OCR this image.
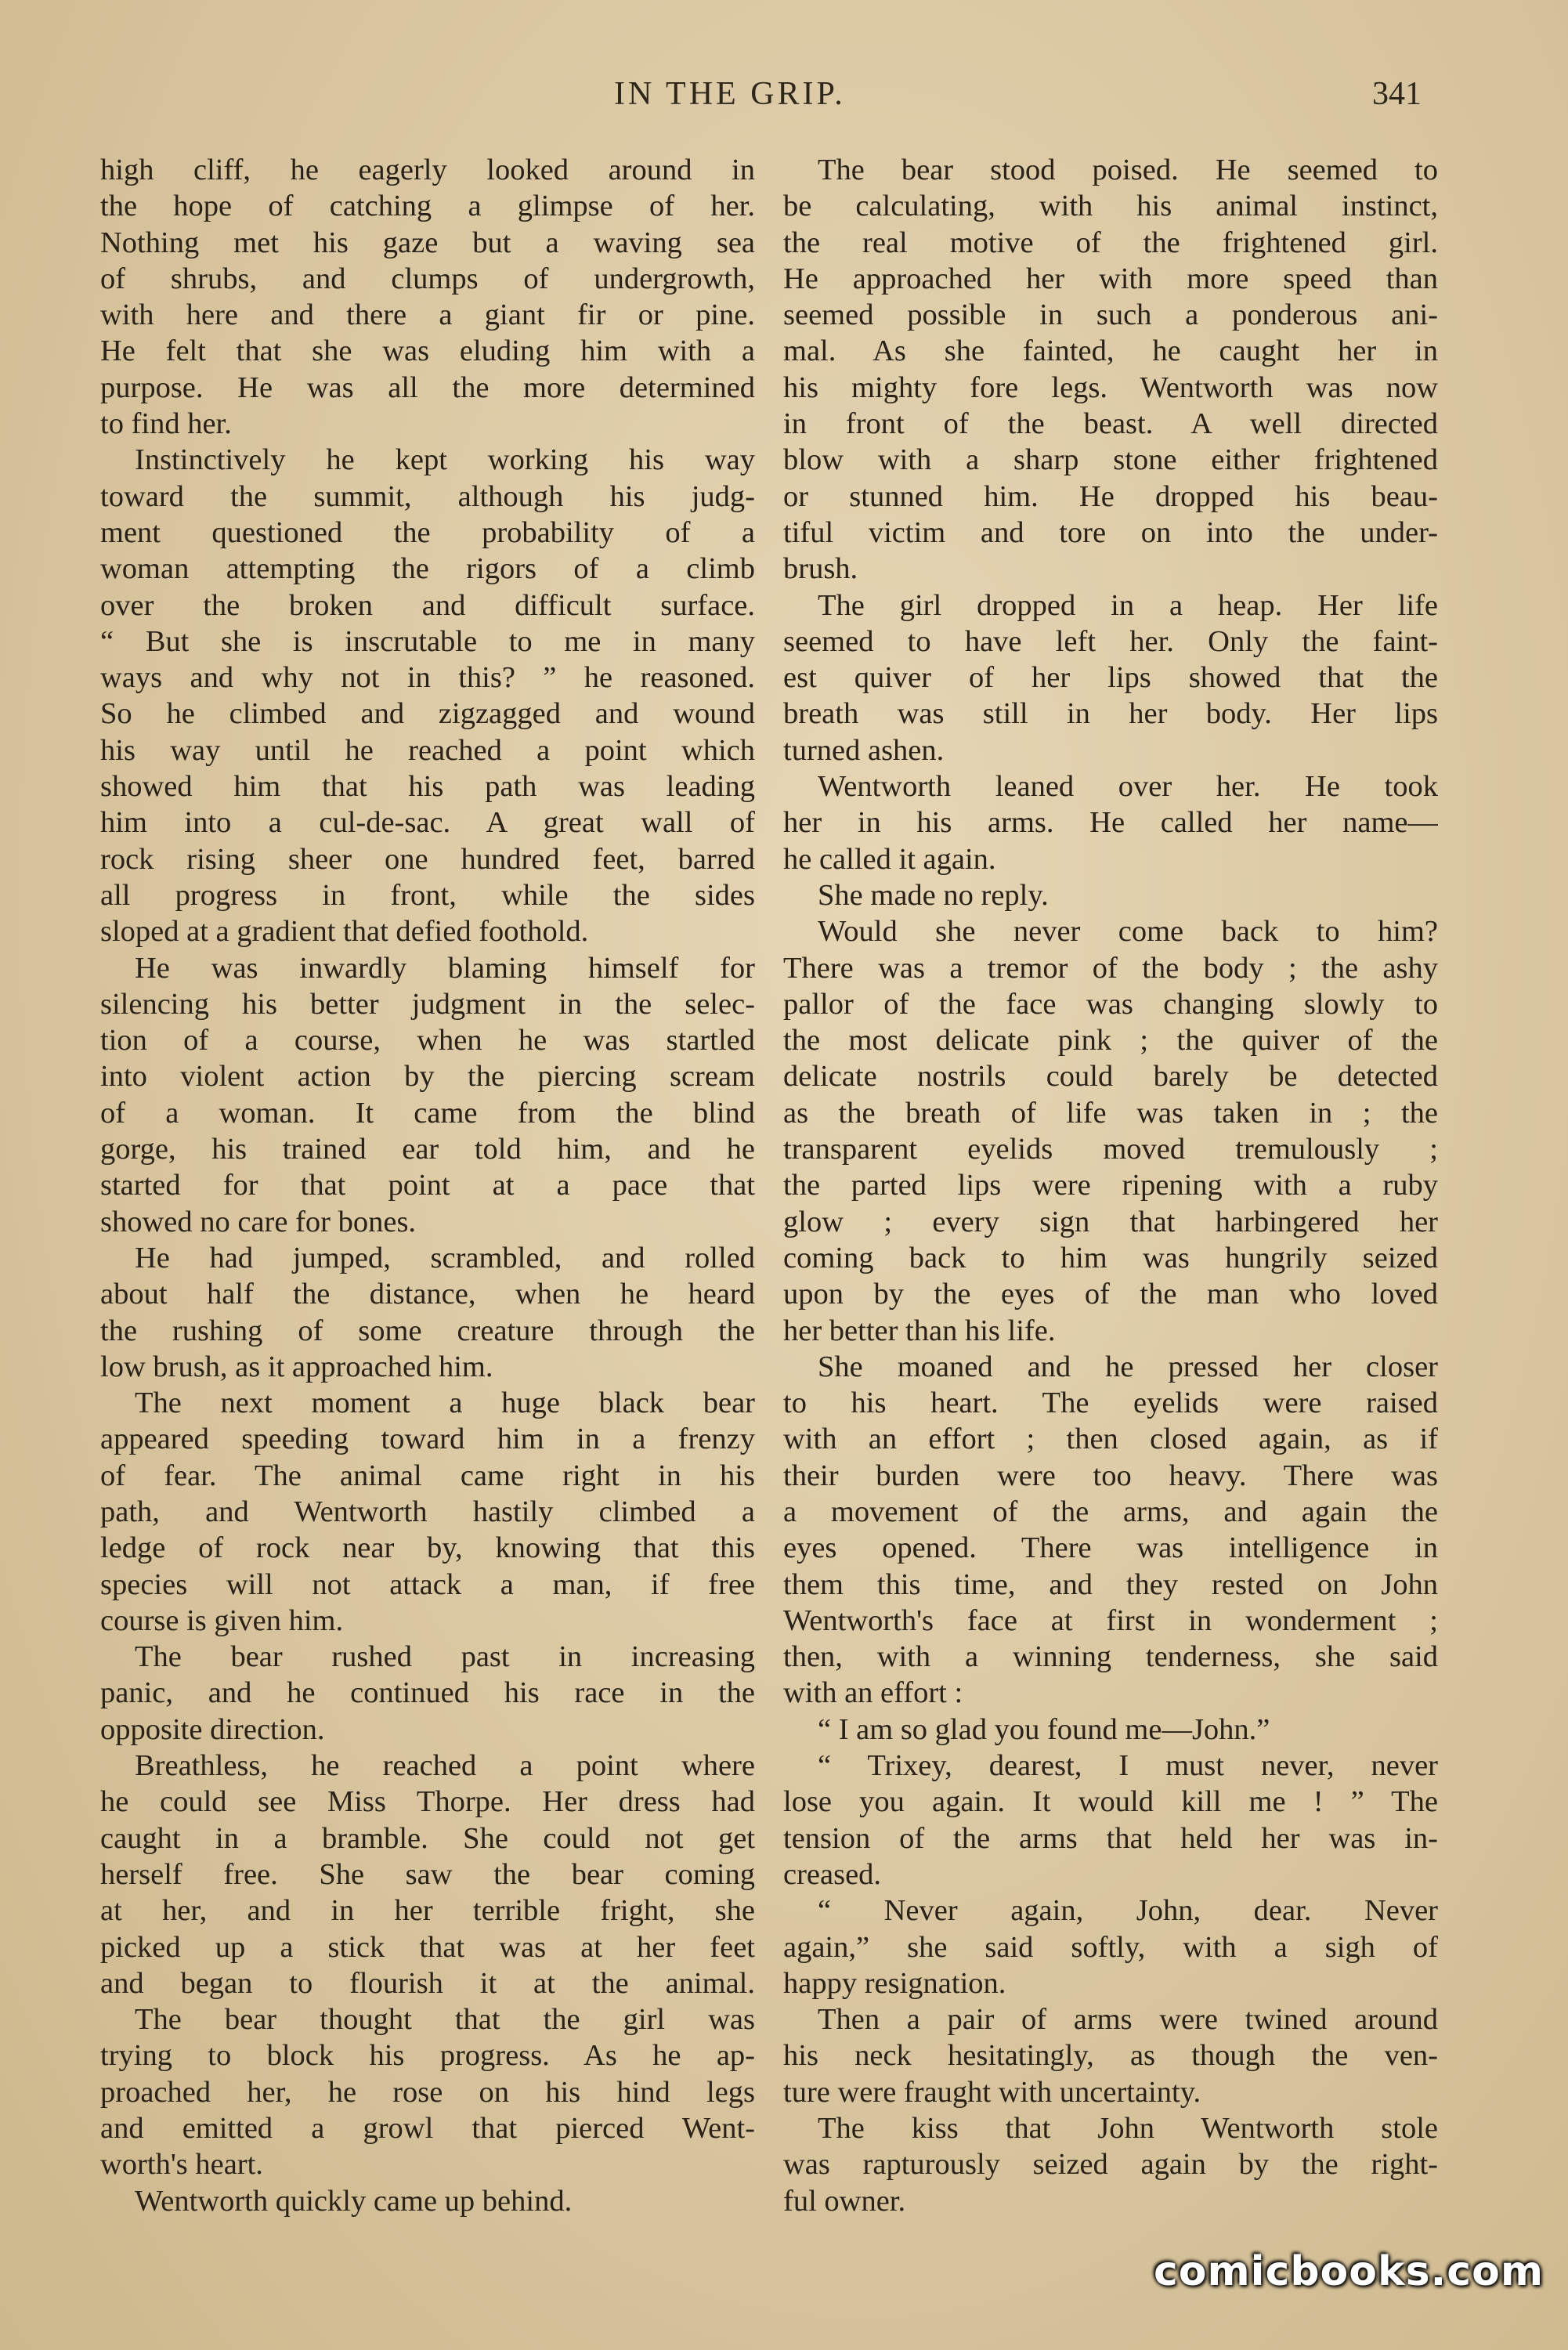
IN THE GRIP.	341
high cliff, he eagerly looked around in
the hope of catching a glimpse of her.
Nothing met his gaze but a waving sea
of shrubs, and clumps of undergrowth,
with here and there a giant fir or pine.
He felt that she was eluding him with a
purpose. He was all the more determined
to find her.
Instinctively he kept working his way
toward the summit, although his judg-
ment questioned the probability of a
woman attempting the rigors of a climb
over the broken and difficult surface.
“ But she is inscrutable to me in many
ways and why not in this? ” he reasoned.
So he climbed and zigzagged and wound
his way until he reached a point which
showed him that his path was leading
him into a cul-de-sac. A great wall of
rock rising sheer one hundred feet, barred
all progress in front, while the sides
sloped at a gradient that defied foothold.
He was inwardly blaming himself for
silencing his better judgment in the selec-
tion of a course, when he was startled
into violent action by the piercing scream
of a woman. It came from the blind
gorge, his trained ear told him, and he
started for that point at a pace that
showed no care for bones.
He had jumped, scrambled, and rolled
about half the distance, when he heard
the rushing of some creature through the
low brush, as it approached him.
The next moment a huge black bear
appeared speeding toward him in a frenzy
of fear. The animal came right in his
path, and Wentworth hastily climbed a
ledge of rock near by, knowing that this
species will not attack a man, if free
course is given him.
The bear rushed past in increasing
panic, and he continued his race in the
opposite direction.
Breathless, he reached a point where
he could see Miss Thorpe. Her dress had
caught in a bramble. She could not get
herself free. She saw the bear coming
at her, and in her terrible fright, she
picked up a stick that was at her feet
and began to flourish it at the animal.
The bear thought that the girl was
trying to block his progress. As he ap-
proached her, he rose on his hind legs
and emitted a growl that pierced Went-
worth's heart.
Wentworth quickly came up behind.
The bear stood poised. He seemed to
be calculating, with his animal instinct,
the real motive of the frightened girl.
He approached her with more speed than
seemed possible in such a ponderous ani-
mal. As she fainted, he caught her in
his mighty fore legs. Wentworth was now
in front of the beast. A well directed
blow with a sharp stone either frightened
or stunned him. He dropped his beau-
tiful victim and tore on into the under-
brush.
The girl dropped in a heap. Her life
seemed to have left her. Only the faint-
est quiver of her lips showed that the
breath was still in her body. Her lips
turned ashen.
Wentworth leaned over her. He took
her in his arms. He called her name—
he called it again.
She made no reply.
Would she never come back to him?
There was a tremor of the body ; the ashy
pallor of the face was changing slowly to
the most delicate pink ; the quiver of the
delicate nostrils could barely be detected
as the breath of life was taken in ; the
transparent eyelids moved tremulously ;
the parted lips were ripening with a ruby
glow ; every sign that harbingered her
coming back to him was hungrily seized
upon by the eyes of the man who loved
her better than his life.
She moaned and he pressed her closer
to his heart. The eyelids were raised
with an effort ; then closed again, as if
their burden were too heavy. There was
a movement of the arms, and again the
eyes opened. There was intelligence in
them this time, and they rested on John
Wentworth's face at first in wonderment ;
then, with a winning tenderness, she said
with an effort :
“ I am so glad you found me—John.”
“ Trixey, dearest, I must never, never
lose you again. It would kill me ! ” The
tension of the arms that held her was in-
creased.
“ Never again, John, dear. Never
again,” she said softly, with a sigh of
happy resignation.
Then a pair of arms were twined around
his neck hesitatingly, as though the ven-
ture were fraught with uncertainty.
The kiss that John Wentworth stole
was rapturously seized again by the right-
ful owner.
comicbooks.com
